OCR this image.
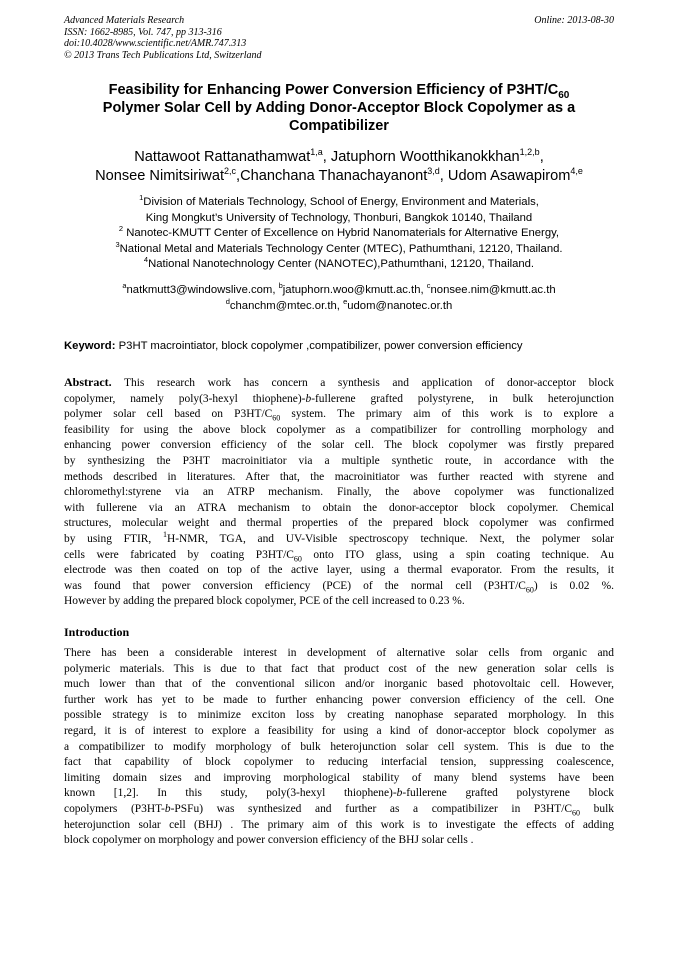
Advanced Materials Research
ISSN: 1662-8985, Vol. 747, pp 313-316
doi:10.4028/www.scientific.net/AMR.747.313
© 2013 Trans Tech Publications Ltd, Switzerland
Online: 2013-08-30
Feasibility for Enhancing Power Conversion Efficiency of $P3HT/C_{60}$
Polymer Solar Cell by Adding Donor-Acceptor Block Copolymer as a
Compatibilizer
Nattawoot Rattanathamwat$^{1,a}$, Jatuphorn Wootthikanokkhan$^{1,2,b}$,
Nonsee Nimitsiriwat$^{2,c}$,Chanchana Thanachayanont$^{3,d}$, Udom Asawapirom$^{4,e}$
$^1$Division of Materials Technology, School of Energy, Environment and Materials,
King Mongkut’s University of Technology, Thonburi, Bangkok 10140, Thailand
$^2$ Nanotec-KMUTT Center of Excellence on Hybrid Nanomaterials for Alternative Energy,
$^3$National Metal and Materials Technology Center (MTEC), Pathumthani, 12120, Thailand.
$^4$National Nanotechnology Center (NANOTEC),Pathumthani, 12120, Thailand.
$^a$natkmutt3@windowslive.com, $^b$jatuphorn.woo@kmutt.ac.th, $^c$nonsee.nim@kmutt.ac.th
$^d$chanchm@mtec.or.th, $^e$udom@nanotec.or.th
Keyword: P3HT macrointiator, block copolymer ,compatibilizer, power conversion efficiency
Abstract. This research work has concern a synthesis and application of donor-acceptor block
copolymer, namely poly(3-hexyl thiophene)-b-fullerene grafted polystyrene, in bulk heterojunction
polymer solar cell based on $P3HT/C_{60}$ system. The primary aim of this work is to explore a
feasibility for using the above block copolymer as a compatibilizer for controlling morphology and
enhancing power conversion efficiency of the solar cell. The block copolymer was firstly prepared
by synthesizing the P3HT macroinitiator via a multiple synthetic route, in accordance with the
methods described in literatures. After that, the macroinitiator was further reacted with styrene and
chloromethyl:styrene via an ATRP mechanism. Finally, the above copolymer was functionalized
with fullerene via an ATRA mechanism to obtain the donor-acceptor block copolymer. Chemical
structures, molecular weight and thermal properties of the prepared block copolymer was confirmed
by using FTIR, $^1$H-NMR, TGA, and UV-Visible spectroscopy technique. Next, the polymer solar
cells were fabricated by coating $P3HT/C_{60}$ onto ITO glass, using a spin coating technique. Au
electrode was then coated on top of the active layer, using a thermal evaporator. From the results, it
was found that power conversion efficiency (PCE) of the normal cell $(P3HT/C_{60})$ is 0.02 %.
However by adding the prepared block copolymer, PCE of the cell increased to 0.23 %.
Introduction
There has been a considerable interest in development of alternative solar cells from organic and
polymeric materials. This is due to that fact that product cost of the new generation solar cells is
much lower than that of the conventional silicon and/or inorganic based photovoltaic cell. However,
further work has yet to be made to further enhancing power conversion efficiency of the cell. One
possible strategy is to minimize exciton loss by creating nanophase separated morphology. In this
regard, it is of interest to explore a feasibility for using a kind of donor-acceptor block copolymer as
a compatibilizer to modify morphology of bulk heterojunction solar cell system. This is due to the
fact that capability of block copolymer to reducing interfacial tension, suppressing coalescence,
limiting domain sizes and improving morphological stability of many blend systems have been
known [1,2]. In this study, poly(3-hexyl thiophene)-b-fullerene grafted polystyrene block
copolymers (P3HT-b-PSFu) was synthesized and further as a compatibilizer in $P3HT/C_{60}$ bulk
heterojunction solar cell (BHJ) . The primary aim of this work is to investigate the effects of adding
block copolymer on morphology and power conversion efficiency of the BHJ solar cells .
